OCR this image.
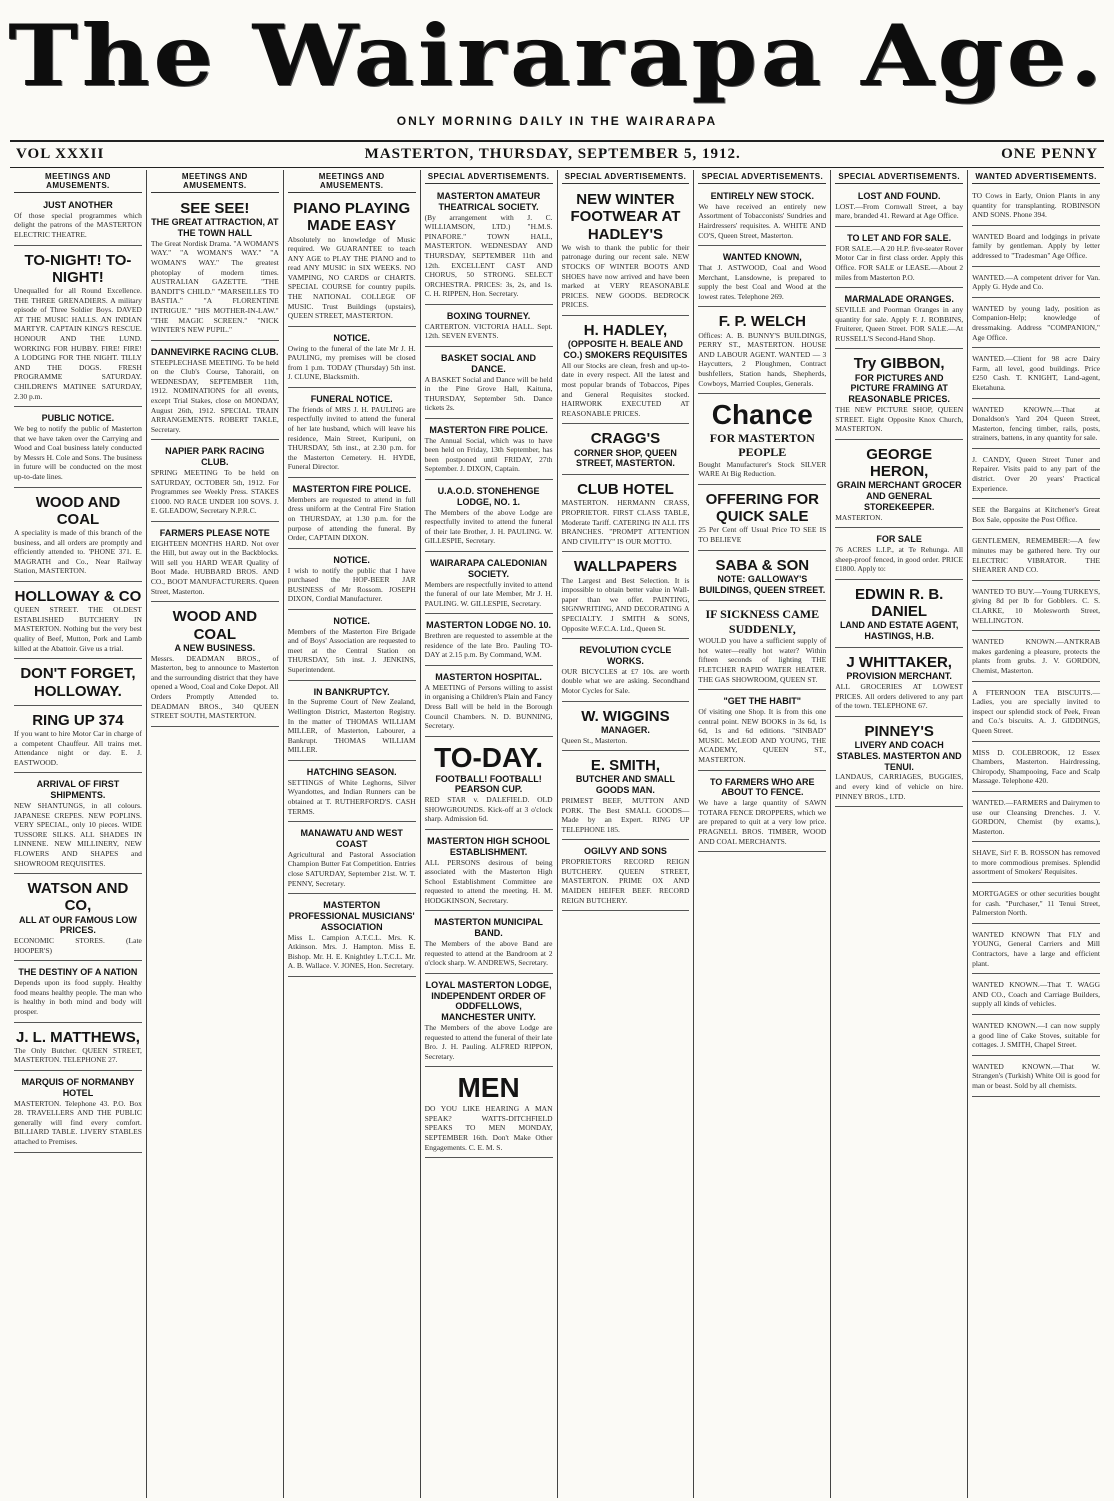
The Wairarapa Age.
ONLY MORNING DAILY IN THE WAIRARAPA
VOL XXXII	MASTERTON, THURSDAY, SEPTEMBER 5, 1912.	ONE PENNY
MEETINGS AND AMUSEMENTS.
JUST ANOTHER
Of those special programmes which delight the patrons of the MASTERTON ELECTRIC THEATRE.
TO-NIGHT! TO-NIGHT!
Unequalled for all Round Excellence. THE THREE GRENADIERS. A military episode of Three Soldier Boys. DAVED AT THE MUSIC HALLS. AN INDIAN MARTYR. CAPTAIN KING'S RESCUE. HONOUR AND THE LUND. WORKING FOR HUBBY. FIRE! FIRE! A LODGING FOR THE NIGHT. TILLY AND THE DOGS. FRESH PROGRAMME SATURDAY. CHILDREN'S MATINEE SATURDAY, 2.30 p.m.
PUBLIC NOTICE.
We beg to notify the public of Masterton that we have taken over the Carrying and Wood and Coal business lately conducted by Messrs H. Cole and Sons. The business in future will be conducted on the most up-to-date lines.
WOOD AND COAL
A speciality is made of this branch of the business, and all orders are promptly and efficiently attended to. 'PHONE 371. E. MAGRATH and Co., Near Railway Station, MASTERTON.
HOLLOWAY & CO
QUEEN STREET. THE OLDEST ESTABLISHED BUTCHERY IN MASTERTON. Nothing but the very best quality of Beef, Mutton, Pork and Lamb killed at the Abattoir. Give us a trial.
DON'T FORGET, HOLLOWAY.
RING UP 374
If you want to hire Motor Car in charge of a competent Chauffeur. All trains met. Attendance night or day. E. J. EASTWOOD.
ARRIVAL OF FIRST SHIPMENTS.
NEW SHANTUNGS, in all colours. JAPANESE CREPES. NEW POPLINS. VERY SPECIAL, only 10 pieces. WIDE TUSSORE SILKS. ALL SHADES IN LINNENE. NEW MILLINERY, NEW FLOWERS AND SHAPES and SHOWROOM REQUISITES.
WATSON AND CO,
ALL AT OUR FAMOUS LOW PRICES.
ECONOMIC STORES. (Late HOOPER'S)
THE DESTINY OF A NATION
Depends upon its food supply. Healthy food means healthy people. The man who is healthy in both mind and body will prosper.
J. L. MATTHEWS,
The Only Butcher. QUEEN STREET, MASTERTON. TELEPHONE 27.
MARQUIS OF NORMANBY HOTEL
MASTERTON. Telephone 43. P.O. Box 28. TRAVELLERS AND THE PUBLIC generally will find every comfort. BILLIARD TABLE. LIVERY STABLES attached to Premises.
MEETINGS AND AMUSEMENTS.
SEE SEE!
THE GREAT ATTRACTION, AT THE TOWN HALL
The Great Nordisk Drama. "A WOMAN'S WAY." "A WOMAN'S WAY." "A WOMAN'S WAY." The greatest photoplay of modern times. AUSTRALIAN GAZETTE. "THE BANDIT'S CHILD." "MARSEILLES TO BASTIA." "A FLORENTINE INTRIGUE." "HIS MOTHER-IN-LAW." "THE MAGIC SCREEN." "NICK WINTER'S NEW PUPIL."
DANNEVIRKE RACING CLUB.
STEEPLECHASE MEETING. To be held on the Club's Course, Tahoraiti, on WEDNESDAY, SEPTEMBER 11th, 1912. NOMINATIONS for all events, except Trial Stakes, close on MONDAY, August 26th, 1912. SPECIAL TRAIN ARRANGEMENTS. ROBERT TAKLE, Secretary.
NAPIER PARK RACING CLUB.
SPRING MEETING To be held on SATURDAY, OCTOBER 5th, 1912. For Programmes see Weekly Press. STAKES £1000. NO RACE UNDER 100 SOVS. J. E. GLEADOW, Secretary N.P.R.C.
FARMERS PLEASE NOTE
EIGHTEEN MONTHS HARD. Not over the Hill, but away out in the Backblocks. Will sell you HARD WEAR Quality of Boot Made. HUBBARD BROS. AND CO., BOOT MANUFACTURERS. Queen Street, Masterton.
WOOD AND COAL
A NEW BUSINESS.
Messrs. DEADMAN BROS., of Masterton, beg to announce to Masterton and the surrounding district that they have opened a Wood, Coal and Coke Depot. All Orders Promptly Attended to. DEADMAN BROS., 340 QUEEN STREET SOUTH, MASTERTON.
MEETINGS AND AMUSEMENTS.
PIANO PLAYING MADE EASY
Absolutely no knowledge of Music required. We GUARANTEE to teach ANY AGE to PLAY THE PIANO and to read ANY MUSIC in SIX WEEKS. NO VAMPING, NO CARDS or CHARTS. SPECIAL COURSE for country pupils. THE NATIONAL COLLEGE OF MUSIC. Trust Buildings (upstairs), QUEEN STREET, MASTERTON.
NOTICE.
Owing to the funeral of the late Mr J. H. PAULING, my premises will be closed from 1 p.m. TODAY (Thursday) 5th inst. J. CLUNE, Blacksmith.
FUNERAL NOTICE.
The friends of MRS J. H. PAULING are respectfully invited to attend the funeral of her late husband, which will leave his residence, Main Street, Kuripuni, on THURSDAY, 5th inst., at 2.30 p.m. for the Masterton Cemetery. H. HYDE, Funeral Director.
MASTERTON FIRE POLICE.
Members are requested to attend in full dress uniform at the Central Fire Station on THURSDAY, at 1.30 p.m. for the purpose of attending the funeral. By Order, CAPTAIN DIXON.
NOTICE.
I wish to notify the public that I have purchased the HOP-BEER JAR BUSINESS of Mr Rossom. JOSEPH DIXON, Cordial Manufacturer.
NOTICE.
Members of the Masterton Fire Brigade and of Boys' Association are requested to meet at the Central Station on THURSDAY, 5th inst. J. JENKINS, Superintendent.
IN BANKRUPTCY.
In the Supreme Court of New Zealand, Wellington District, Masterton Registry. In the matter of THOMAS WILLIAM MILLER, of Masterton, Labourer, a Bankrupt. THOMAS WILLIAM MILLER.
HATCHING SEASON.
SETTINGS of White Leghorns, Silver Wyandottes, and Indian Runners can be obtained at T. RUTHERFORD'S. CASH TERMS.
MANAWATU AND WEST COAST
Agricultural and Pastoral Association Champion Butter Fat Competition. Entries close SATURDAY, September 21st. W. T. PENNY, Secretary.
MASTERTON PROFESSIONAL MUSICIANS' ASSOCIATION
Miss L. Campion A.T.C.L. Mrs. K. Atkinson. Mrs. J. Hampton. Miss E. Bishop. Mr. H. E. Knightley L.T.C.L. Mr. A. B. Wallace. V. JONES, Hon. Secretary.
SPECIAL ADVERTISEMENTS.
MASTERTON AMATEUR THEATRICAL SOCIETY.
(By arrangement with J. C. WILLIAMSON, LTD.) "H.M.S. PINAFORE." TOWN HALL, MASTERTON. WEDNESDAY AND THURSDAY, SEPTEMBER 11th and 12th. EXCELLENT CAST AND CHORUS, 50 STRONG. SELECT ORCHESTRA. PRICES: 3s, 2s, and 1s. C. H. RIPPEN, Hon. Secretary.
BOXING TOURNEY.
CARTERTON. VICTORIA HALL. Sept. 12th. SEVEN EVENTS.
BASKET SOCIAL AND DANCE.
A BASKET Social and Dance will be held in the Pine Grove Hall, Kaituna, THURSDAY, September 5th. Dance tickets 2s.
MASTERTON FIRE POLICE.
The Annual Social, which was to have been held on Friday, 13th September, has been postponed until FRIDAY, 27th September. J. DIXON, Captain.
U.A.O.D. STONEHENGE LODGE, NO. 1.
The Members of the above Lodge are respectfully invited to attend the funeral of their late Brother, J. H. PAULING. W. GILLESPIE, Secretary.
WAIRARAPA CALEDONIAN SOCIETY.
Members are respectfully invited to attend the funeral of our late Member, Mr J. H. PAULING. W. GILLESPIE, Secretary.
MASTERTON LODGE NO. 10.
Brethren are requested to assemble at the residence of the late Bro. Pauling TO-DAY at 2.15 p.m. By Command, W.M.
MASTERTON HOSPITAL.
A MEETING of Persons willing to assist in organising a Children's Plain and Fancy Dress Ball will be held in the Borough Council Chambers. N. D. BUNNING, Secretary.
TO-DAY.
FOOTBALL! FOOTBALL! PEARSON CUP.
RED STAR v. DALEFIELD. OLD SHOWGROUNDS. Kick-off at 3 o'clock sharp. Admission 6d.
MASTERTON HIGH SCHOOL ESTABLISHMENT.
ALL PERSONS desirous of being associated with the Masterton High School Establishment Committee are requested to attend the meeting. H. M. HODGKINSON, Secretary.
MASTERTON MUNICIPAL BAND.
The Members of the above Band are requested to attend at the Bandroom at 2 o'clock sharp. W. ANDREWS, Secretary.
LOYAL MASTERTON LODGE, INDEPENDENT ORDER OF ODDFELLOWS, MANCHESTER UNITY.
The Members of the above Lodge are requested to attend the funeral of their late Bro. J. H. Pauling. ALFRED RIPPON, Secretary.
MEN
DO YOU LIKE HEARING A MAN SPEAK? WATTS-DITCHFIELD SPEAKS TO MEN MONDAY, SEPTEMBER 16th. Don't Make Other Engagements. C. E. M. S.
SPECIAL ADVERTISEMENTS.
NEW WINTER FOOTWEAR AT HADLEY'S
We wish to thank the public for their patronage during our recent sale. NEW STOCKS OF WINTER BOOTS AND SHOES have now arrived and have been marked at VERY REASONABLE PRICES. NEW GOODS. BEDROCK PRICES.
H. HADLEY,
(OPPOSITE H. BEALE AND CO.) SMOKERS REQUISITES
All our Stocks are clean, fresh and up-to-date in every respect. All the latest and most popular brands of Tobaccos, Pipes and General Requisites stocked. HAIRWORK EXECUTED AT REASONABLE PRICES.
CRAGG'S
CORNER SHOP, QUEEN STREET, MASTERTON.
CLUB HOTEL
MASTERTON. HERMANN CRASS, PROPRIETOR. FIRST CLASS TABLE, Moderate Tariff. CATERING IN ALL ITS BRANCHES. "PROMPT ATTENTION AND CIVILITY" IS OUR MOTTO.
WALLPAPERS
The Largest and Best Selection. It is impossible to obtain better value in Wall-paper than we offer. PAINTING, SIGNWRITING, AND DECORATING A SPECIALTY. J SMITH & SONS, Opposite W.F.C.A. Ltd., Queen St.
REVOLUTION CYCLE WORKS.
OUR BICYCLES at £7 10s. are worth double what we are asking. Secondhand Motor Cycles for Sale.
W. WIGGINS
MANAGER.
Queen St., Masterton.
E. SMITH,
BUTCHER AND SMALL GOODS MAN.
PRIMEST BEEF, MUTTON AND PORK. The Best SMALL GOODS—Made by an Expert. RING UP TELEPHONE 185.
OGILVY AND SONS
PROPRIETORS RECORD REIGN BUTCHERY. QUEEN STREET, MASTERTON. PRIME OX AND MAIDEN HEIFER BEEF. RECORD REIGN BUTCHERY.
SPECIAL ADVERTISEMENTS.
ENTIRELY NEW STOCK.
We have received an entirely new Assortment of Tobacconists' Sundries and Hairdressers' requisites. A. WHITE AND CO'S, Queen Street, Masterton.
WANTED KNOWN,
That J. ASTWOOD, Coal and Wood Merchant, Lansdowne, is prepared to supply the best Coal and Wood at the lowest rates. Telephone 269.
F. P. WELCH
Offices: A. B. BUNNY'S BUILDINGS, PERRY ST., MASTERTON. HOUSE AND LABOUR AGENT. WANTED — 3 Haycutters, 2 Ploughmen, Contract bushfellers, Station hands, Shepherds, Cowboys, Married Couples, Generals.
Chance
FOR MASTERTON PEOPLE
Bought Manufacturer's Stock SILVER WARE At Big Reduction.
OFFERING FOR QUICK SALE
25 Per Cent off Usual Price TO SEE IS TO BELIEVE
SABA & SON
NOTE: GALLOWAY'S BUILDINGS, QUEEN STREET.
IF SICKNESS CAME SUDDENLY,
WOULD you have a sufficient supply of hot water—really hot water? Within fifteen seconds of lighting THE FLETCHER RAPID WATER HEATER. THE GAS SHOWROOM, QUEEN ST.
"GET THE HABIT"
Of visiting one Shop. It is from this one central point. NEW BOOKS in 3s 6d, 1s 6d, 1s and 6d editions. "SINBAD" MUSIC. McLEOD AND YOUNG, THE ACADEMY, QUEEN ST., MASTERTON.
TO FARMERS WHO ARE ABOUT TO FENCE.
We have a large quantity of SAWN TOTARA FENCE DROPPERS, which we are prepared to quit at a very low price. PRAGNELL BROS. TIMBER, WOOD AND COAL MERCHANTS.
SPECIAL ADVERTISEMENTS.
LOST AND FOUND.
LOST.—From Cornwall Street, a bay mare, branded 41. Reward at Age Office.
TO LET AND FOR SALE.
FOR SALE.—A 20 H.P. five-seater Rover Motor Car in first class order. Apply this Office. FOR SALE or LEASE.—About 2 miles from Masterton P.O.
MARMALADE ORANGES.
SEVILLE and Poorman Oranges in any quantity for sale. Apply F. J. ROBBINS, Fruiterer, Queen Street. FOR SALE.—At RUSSELL'S Second-Hand Shop.
Try GIBBON,
FOR PICTURES AND PICTURE FRAMING AT REASONABLE PRICES.
THE NEW PICTURE SHOP, QUEEN STREET. Eight Opposite Knox Church, MASTERTON.
GEORGE HERON,
GRAIN MERCHANT GROCER AND GENERAL STOREKEEPER.
MASTERTON.
FOR SALE
76 ACRES L.I.P., at Te Rehunga. All sheep-proof fenced, in good order. PRICE £1800. Apply to:
EDWIN R. B. DANIEL
LAND AND ESTATE AGENT, HASTINGS, H.B.
J WHITTAKER,
PROVISION MERCHANT.
ALL GROCERIES AT LOWEST PRICES. All orders delivered to any part of the town. TELEPHONE 67.
PINNEY'S
LIVERY AND COACH STABLES. MASTERTON AND TENUI.
LANDAUS, CARRIAGES, BUGGIES, and every kind of vehicle on hire. PINNEY BROS., LTD.
WANTED ADVERTISEMENTS.
TO Cows in Early, Onion Plants in any quantity for transplanting. ROBINSON AND SONS. Phone 394.
WANTED Board and lodgings in private family by gentleman. Apply by letter addressed to "Tradesman" Age Office.
WANTED.—A competent driver for Van. Apply G. Hyde and Co.
WANTED by young lady, position as Companion-Help; knowledge of dressmaking. Address "COMPANION," Age Office.
WANTED.—Client for 98 acre Dairy Farm, all level, good buildings. Price £250 Cash. T. KNIGHT, Land-agent, Eketahuna.
WANTED KNOWN.—That at Donaldson's Yard 204 Queen Street, Masterton, fencing timber, rails, posts, strainers, battens, in any quantity for sale.
J. CANDY, Queen Street Tuner and Repairer. Visits paid to any part of the district. Over 20 years' Practical Experience.
SEE the Bargains at Kitchener's Great Box Sale, opposite the Post Office.
GENTLEMEN, REMEMBER:—A few minutes may be gathered here. Try our ELECTRIC VIBRATOR. THE SHEARER AND CO.
WANTED TO BUY.—Young TURKEYS, giving 8d per lb for Gobblers. C. S. CLARKE, 10 Molesworth Street, WELLINGTON.
WANTED KNOWN.—ANTKRAB makes gardening a pleasure, protects the plants from grubs. J. V. GORDON, Chemist, Masterton.
A FTERNOON TEA BISCUITS.—Ladies, you are specially invited to inspect our splendid stock of Peek, Frean and Co.'s biscuits. A. J. GIDDINGS, Queen Street.
MISS D. COLEBROOK, 12 Essex Chambers, Masterton. Hairdressing, Chiropody, Shampooing, Face and Scalp Massage. Telephone 420.
WANTED.—FARMERS and Dairymen to use our Cleansing Drenches. J. V. GORDON, Chemist (by exams.), Masterton.
SHAVE, Sir! F. B. ROSSON has removed to more commodious premises. Splendid assortment of Smokers' Requisites.
MORTGAGES or other securities bought for cash. "Purchaser," 11 Tenui Street, Palmerston North.
WANTED KNOWN That FLY and YOUNG, General Carriers and Mill Contractors, have a large and efficient plant.
WANTED KNOWN.—That T. WAGG AND CO., Coach and Carriage Builders, supply all kinds of vehicles.
WANTED KNOWN.—I can now supply a good line of Cake Stoves, suitable for cottages. J. SMITH, Chapel Street.
WANTED KNOWN.—That W. Strangen's (Turkish) White Oil is good for man or beast. Sold by all chemists.
